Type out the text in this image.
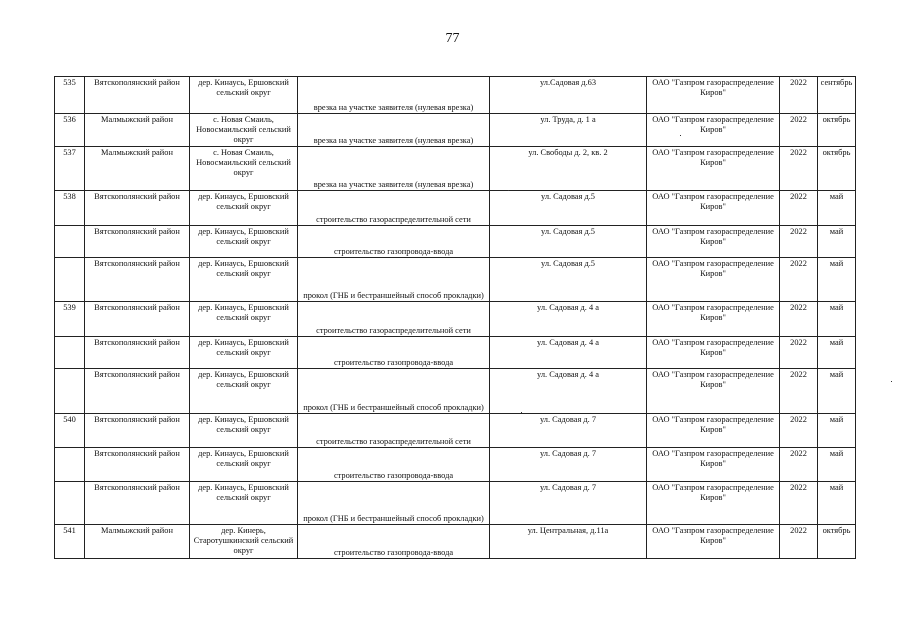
77
535	Вятскополянский район	дер. Кинаусь, Ершовский сельский округ	врезка на участке заявителя (нулевая врезка)	ул.Садовая д.63	ОАО "Газпром газораспределение Киров"	2022	сентябрь
536	Малмыжский район	с. Новая Смаиль, Новосмаильский сельский округ	врезка на участке заявителя (нулевая врезка)	ул. Труда, д. 1 а	ОАО "Газпром газораспределение Киров"	2022	октябрь
537	Малмыжский район	с. Новая Смаиль, Новосмаильский сельский округ	врезка на участке заявителя (нулевая врезка)	ул. Свободы д. 2, кв. 2	ОАО "Газпром газораспределение Киров"	2022	октябрь
538	Вятскополянский район	дер. Кинаусь, Ершовский сельский округ	строительство газораспределительной сети	ул. Садовая д.5	ОАО "Газпром газораспределение Киров"	2022	май
	Вятскополянский район	дер. Кинаусь, Ершовский сельский округ	строительство газопровода-ввода	ул. Садовая д.5	ОАО "Газпром газораспределение Киров"	2022	май
	Вятскополянский район	дер. Кинаусь, Ершовский сельский округ	прокол (ГНБ и бестраншейный способ прокладки)	ул. Садовая д.5	ОАО "Газпром газораспределение Киров"	2022	май
539	Вятскополянский район	дер. Кинаусь, Ершовский сельский округ	строительство газораспределительной сети	ул. Садовая д. 4 а	ОАО "Газпром газораспределение Киров"	2022	май
	Вятскополянский район	дер. Кинаусь, Ершовский сельский округ	строительство газопровода-ввода	ул. Садовая д. 4 а	ОАО "Газпром газораспределение Киров"	2022	май
	Вятскополянский район	дер. Кинаусь, Ершовский сельский округ	прокол (ГНБ и бестраншейный способ прокладки)	ул. Садовая д. 4 а	ОАО "Газпром газораспределение Киров"	2022	май
540	Вятскополянский район	дер. Кинаусь, Ершовский сельский округ	строительство газораспределительной сети	ул. Садовая д. 7	ОАО "Газпром газораспределение Киров"	2022	май
	Вятскополянский район	дер. Кинаусь, Ершовский сельский округ	строительство газопровода-ввода	ул. Садовая д. 7	ОАО "Газпром газораспределение Киров"	2022	май
	Вятскополянский район	дер. Кинаусь, Ершовский сельский округ	прокол (ГНБ и бестраншейный способ прокладки)	ул. Садовая д. 7	ОАО "Газпром газораспределение Киров"	2022	май
541	Малмыжский район	дер. Кинерь, Старотушкинский сельский округ	строительство газопровода-ввода	ул. Центральная, д.11а	ОАО "Газпром газораспределение Киров"	2022	октябрь
